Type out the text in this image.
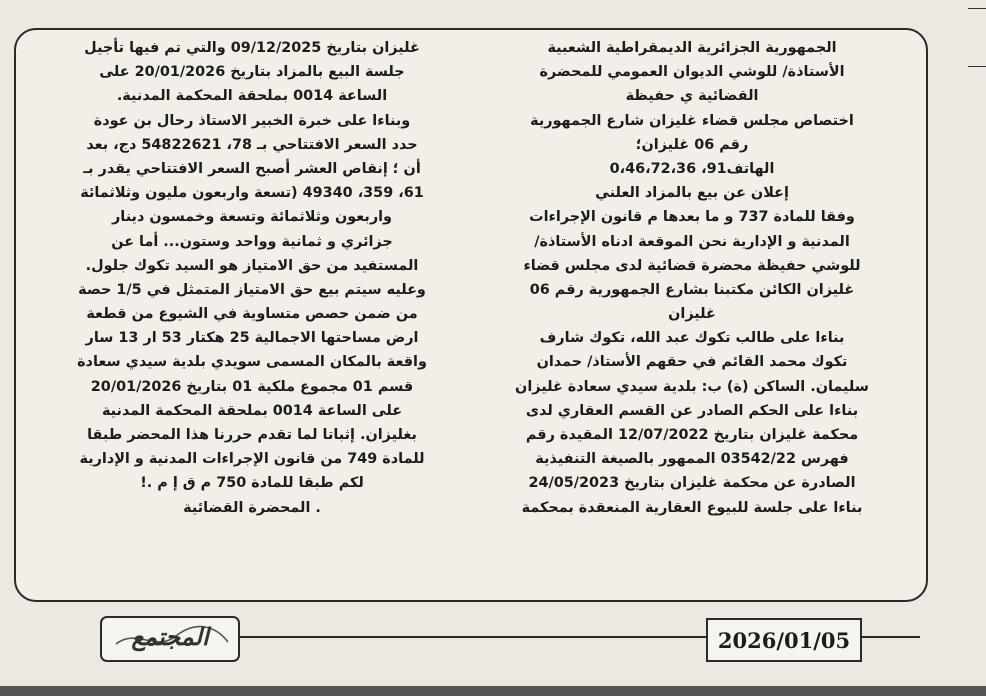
الجمهورية الجزائرية الديمقراطية الشعبية
الأستاذة/ للوشي الديوان العمومي للمحضرة
القضائية ي حفيظة
اختصاص مجلس قضاء غليزان شارع الجمهورية
رقم 06 غليزان؛
الهاتف91، 0،46،72،36
إعلان عن بيع بالمزاد العلني
وفقا للمادة 737 و ما بعدها م قانون الإجراءات
المدنية و الإدارية نحن الموقعة ادناه الأستاذة/
للوشي حفيظة محضرة قضائية لدى مجلس قضاء
غليزان الكائن مكتبنا بشارع الجمهورية رقم 06
غليزان
بناءا على طالب تكوك عبد الله، تكوك شارف
تكوك محمد القائم في حقهم الأستاذ/ حمدان
سليمان. الساكن (ة) ب: بلدية سيدي سعادة غليزان
بناءا على الحكم الصادر عن القسم العقاري لدى
محكمة غليزان بتاريخ 12/07/2022 المقيدة رقم
فهرس 03542/22 الممهور بالصيغة التنفيذية
الصادرة عن محكمة غليزان بتاريخ 24/05/2023
بناءا على جلسة للبيوع العقارية المنعقدة بمحكمة
غليزان بتاريخ 09/12/2025 والتي تم فيها تأجيل
جلسة البيع بالمزاد بتاريخ 20/01/2026 على
الساعة 0014 بملحقة المحكمة المدنية.
وبناءا على خبرة الخبير الاستاذ رحال بن عودة
حدد السعر الافتتاحي بـ 78، 54822621 دج، بعد
أن ؛ إنقاص العشر أصبح السعر الافتتاحي يقدر بـ
61، 359، 49340 (تسعة واربعون مليون وثلاثمائة
واربعون وثلاثمائة وتسعة وخمسون دينار
جزائري و ثمانية وواحد وستون... أما عن
المستفيد من حق الامتياز هو السيد تكوك جلول.
وعليه سيتم بيع حق الامتياز المتمثل في 1/5 حصة
من ضمن حصص متساوية في الشيوع من قطعة
ارض مساحتها الاجمالية 25 هكتار 53 ار 13 سار
واقعة بالمكان المسمى سويدي بلدية سيدي سعادة
قسم 01 مجموع ملكية 01 بتاريخ 20/01/2026
على الساعة 0014 بملحقة المحكمة المدنية
بغليزان. إثباتا لما تقدم حررنا هذا المحضر طبقا
للمادة 749 من قانون الإجراءات المدنية و الإدارية
لكم طبقا للمادة 750 م ق إ م .!
. المحضرة القضائية
المجتمع	2026/01/05
